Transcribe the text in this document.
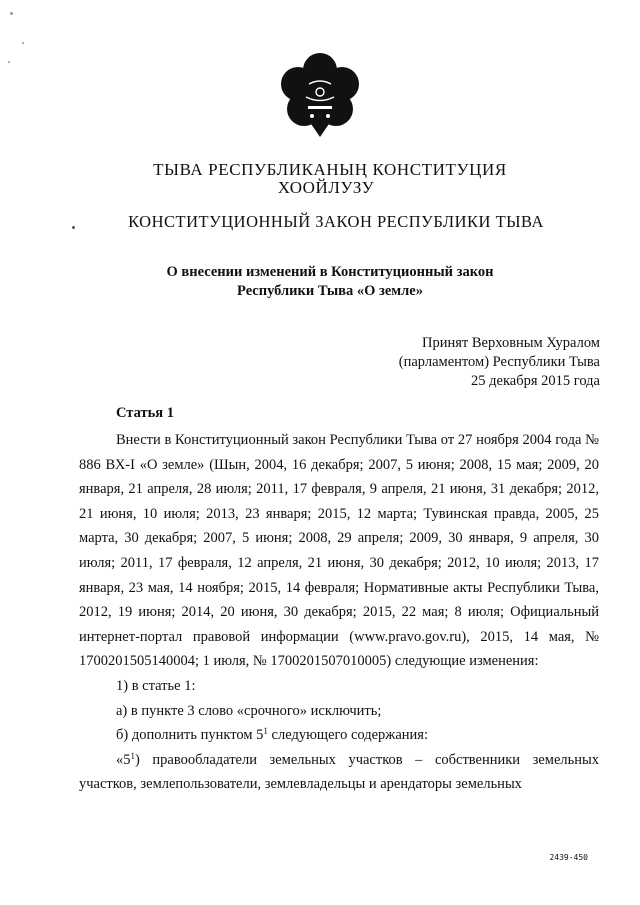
ТЫВА РЕСПУБЛИКАНЫҢ КОНСТИТУЦИЯ
ХООЙЛУЗУ
КОНСТИТУЦИОННЫЙ ЗАКОН РЕСПУБЛИКИ ТЫВА
О внесении изменений в Конституционный закон
Республики Тыва «О земле»
Принят Верховным Хуралом
(парламентом) Республики Тыва
25 декабря 2015 года
Статья 1

Внести в Конституционный закон Республики Тыва от 27 ноября 2004 года № 886 ВХ-I «О земле» (Шын, 2004, 16 декабря; 2007, 5 июня; 2008, 15 мая; 2009, 20 января, 21 апреля, 28 июля; 2011, 17 февраля, 9 апреля, 21 июня, 31 декабря; 2012, 21 июня, 10 июля; 2013, 23 января; 2015, 12 марта; Тувинская правда, 2005, 25 марта, 30 декабря; 2007, 5 июня; 2008, 29 апреля; 2009, 30 января, 9 апреля, 30 июля; 2011, 17 февраля, 12 апреля, 21 июня, 30 декабря; 2012, 10 июля; 2013, 17 января, 23 мая, 14 ноября; 2015, 14 февраля; Нормативные акты Республики Тыва, 2012, 19 июня; 2014, 20 июня, 30 декабря; 2015, 22 мая; 8 июля; Официальный интернет-портал правовой информации (www.pravo.gov.ru), 2015, 14 мая, № 1700201505140004; 1 июля, № 1700201507010005) следующие изменения:

1) в статье 1:

а) в пункте 3 слово «срочного» исключить;

б) дополнить пунктом $5^1$ следующего содержания:

«$5^1$) правообладатели земельных участков – собственники земельных участков, землепользователи, землевладельцы и арендаторы земельных

2439-450
